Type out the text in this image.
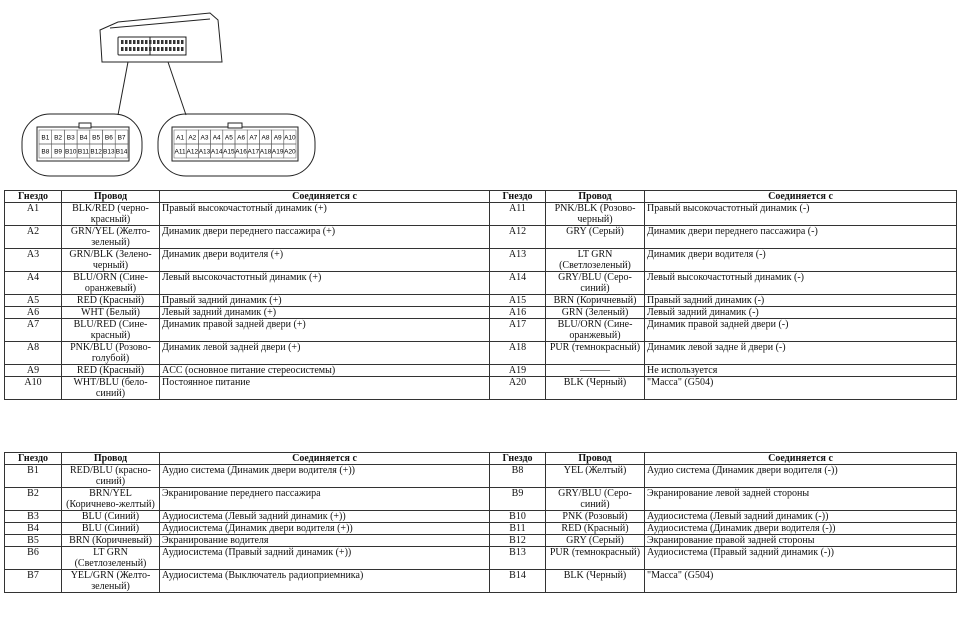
B1 B2 B3 B4 B5 B6 B7
B8 B9 B10 B11 B12 B13 B14
A1 A2 A3 A4 A5 A6 A7 A8 A9 A10
A11 A12 A13 A14 A15 A16 A17 A18 A19 A20
Гнездо	Провод	Соединяется с	Гнездо	Провод	Соединяется с
A1	BLK/RED (черно-красный)	Правый высокочастотный динамик (+)	A11	PNK/BLK (Розово-черный)	Правый высокочастотный динамик (-)
A2	GRN/YEL (Желто-зеленый)	Динамик двери переднего пассажира (+)	A12	GRY (Серый)	Динамик двери переднего пассажира (-)
A3	GRN/BLK (Зелено-черный)	Динамик двери водителя (+)	A13	LT GRN (Светлозеленый)	Динамик двери водителя (-)
A4	BLU/ORN (Сине-оранжевый)	Левый высокочастотный динамик (+)	A14	GRY/BLU (Серо-синий)	Левый высокочастотный динамик (-)
A5	RED (Красный)	Правый задний динамик (+)	A15	BRN (Коричневый)	Правый задний динамик (-)
A6	WHT (Белый)	Левый задний динамик (+)	A16	GRN (Зеленый)	Левый задний динамик (-)
A7	BLU/RED (Сине-красный)	Динамик правой задней двери (+)	A17	BLU/ORN (Сине-оранжевый)	Динамик правой задней двери (-)
A8	PNK/BLU (Розово-голубой)	Динамик левой задней двери (+)	A18	PUR (темнокрасный)	Динамик левой задне й двери (-)
A9	RED (Красный)	ACC (основное питание стереосистемы)	A19	———	Не используется
A10	WHT/BLU (бело-синий)	Постоянное питание	A20	BLK (Черный)	"Масса" (G504)
Гнездо	Провод	Соединяется с	Гнездо	Провод	Соединяется с
B1	RED/BLU (красно-синий)	Аудио система (Динамик двери водителя (+))	B8	YEL (Желтый)	Аудио система (Динамик двери водителя (-))
B2	BRN/YEL (Коричнево-желтый)	Экранирование переднего пассажира	B9	GRY/BLU (Серо-синий)	Экранирование левой задней стороны
B3	BLU (Синий)	Аудиосистема (Левый задний динамик (+))	B10	PNK (Розовый)	Аудиосистема (Левый задний динамик (-))
B4	BLU (Синий)	Аудиосистема (Динамик двери водителя (+))	B11	RED (Красный)	Аудиосистема (Динамик двери водителя (-))
B5	BRN (Коричневый)	Экранирование водителя	B12	GRY (Серый)	Экранирование правой задней стороны
B6	LT GRN (Светлозеленый)	Аудиосистема (Правый задний динамик (+))	B13	PUR (темнокрасный)	Аудиосистема (Правый задний динамик (-))
B7	YEL/GRN (Желто-зеленый)	Аудиосистема (Выключатель радиоприемника)	B14	BLK (Черный)	"Масса" (G504)
